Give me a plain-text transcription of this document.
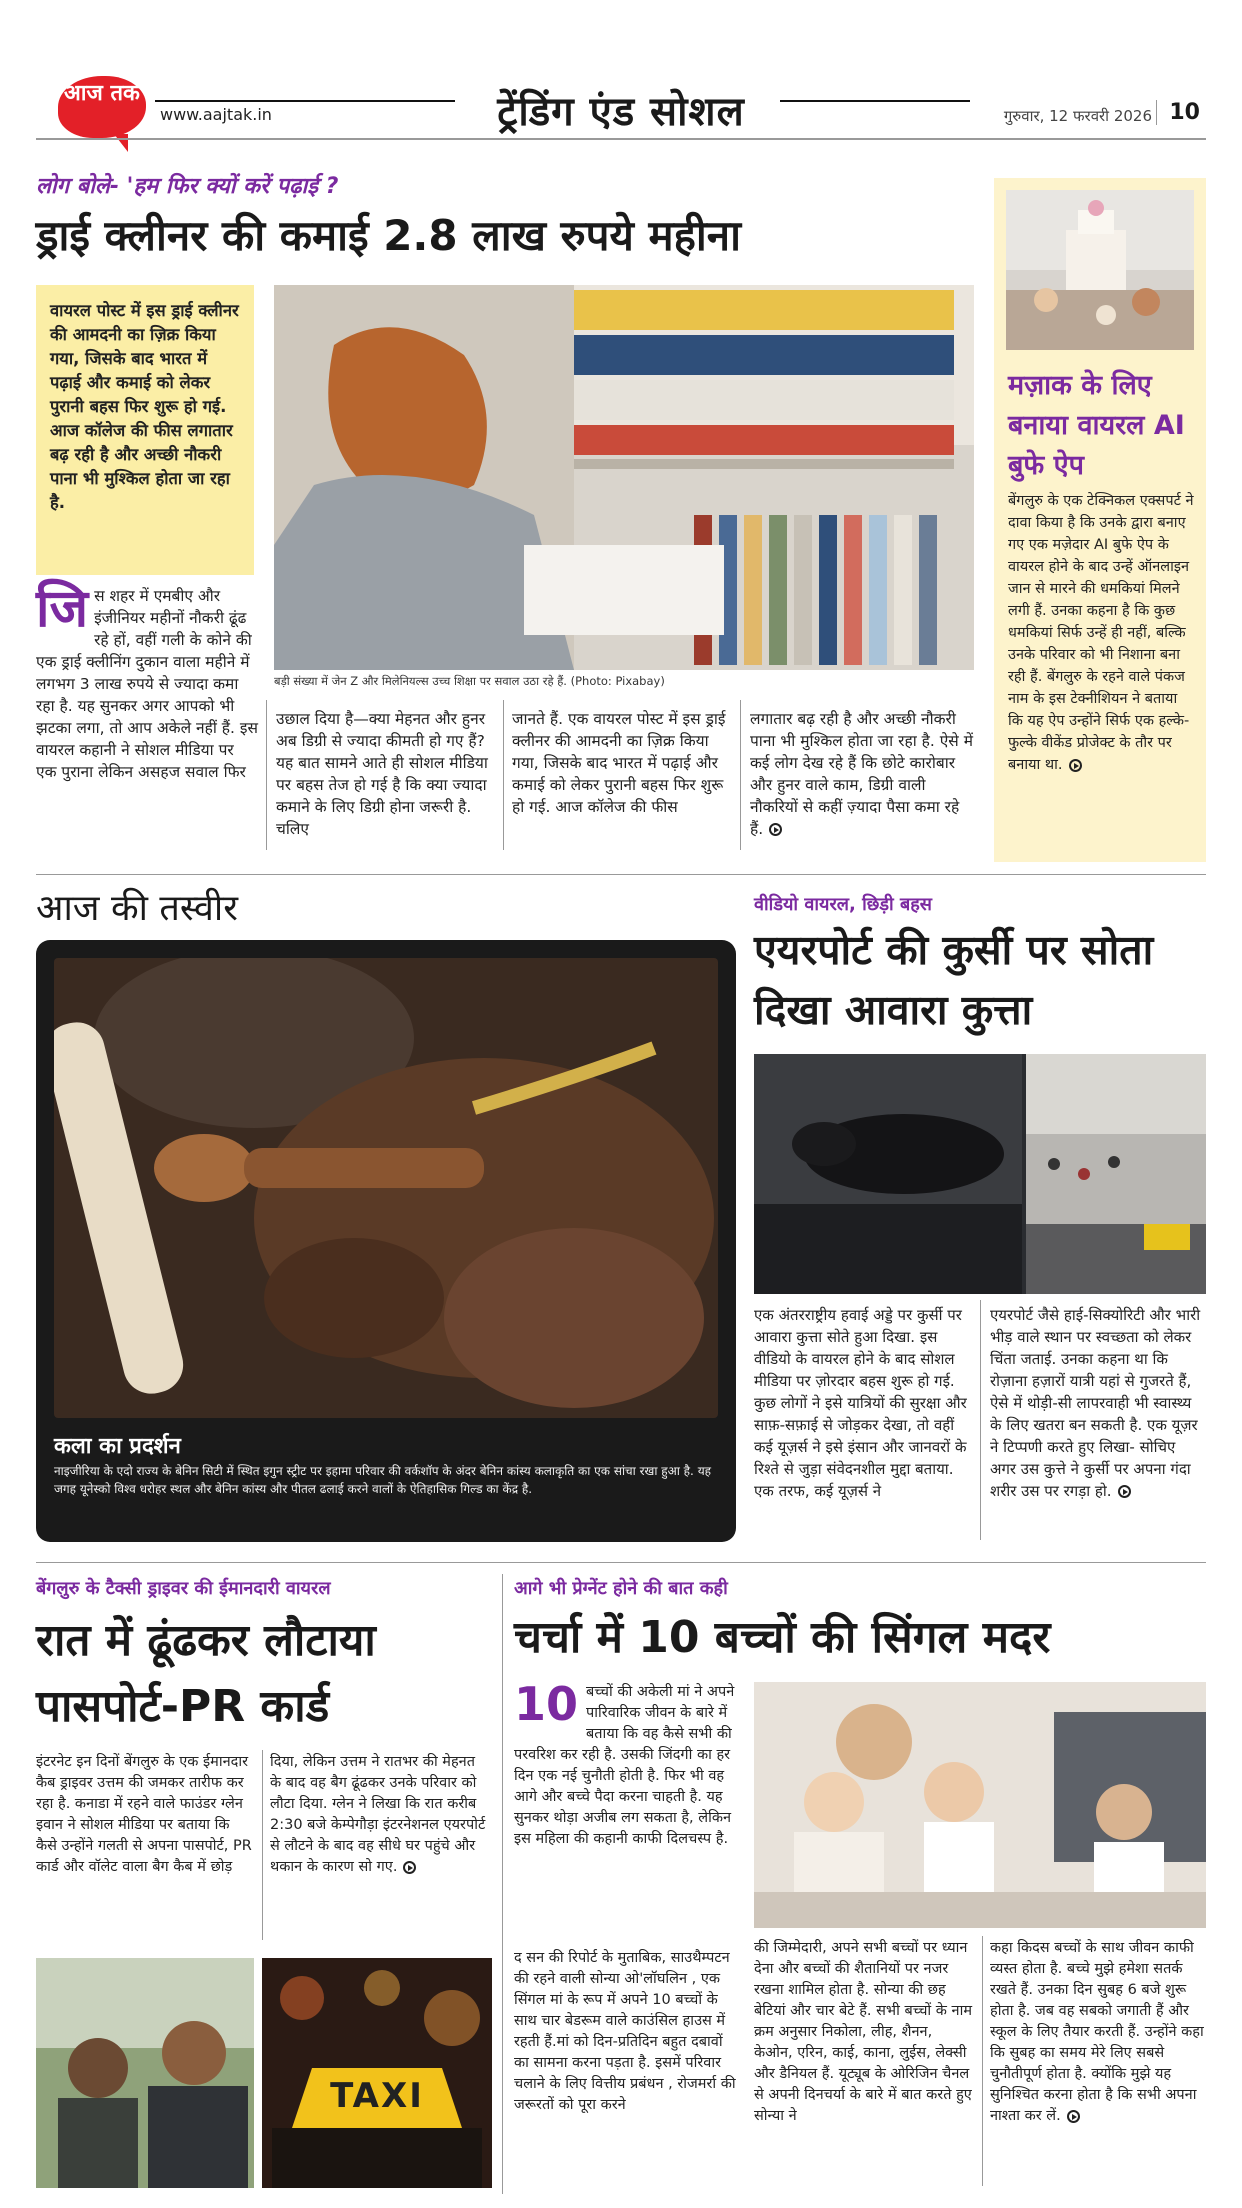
आज तक
www.aajtak.in	ट्रेंडिंग एंड सोशल	गुरुवार, 12 फरवरी 2026 10
लोग बोले- 'हम फिर क्यों करें पढ़ाई ?
ड्राई क्लीनर की कमाई 2.8 लाख रुपये महीना
वायरल पोस्ट में इस ड्राई क्लीनर की आमदनी का ज़िक्र किया गया, जिसके बाद भारत में पढ़ाई और कमाई को लेकर पुरानी बहस फिर शुरू हो गई. आज कॉलेज की फीस लगातार बढ़ रही है और अच्छी नौकरी पाना भी मुश्किल होता जा रहा है.
बड़ी संख्या में जेन Z और मिलेनियल्स उच्च शिक्षा पर सवाल उठा रहे हैं. (Photo: Pixabay)
जिस शहर में एमबीए और इंजीनियर महीनों नौकरी ढूंढ रहे हों, वहीं गली के कोने की एक ड्राई क्लीनिंग दुकान वाला महीने में लगभग 3 लाख रुपये से ज्यादा कमा रहा है. यह सुनकर अगर आपको भी झटका लगा, तो आप अकेले नहीं हैं. इस वायरल कहानी ने सोशल मीडिया पर एक पुराना लेकिन असहज सवाल फिर
उछाल दिया है—क्या मेहनत और हुनर अब डिग्री से ज्यादा कीमती हो गए हैं? यह बात सामने आते ही सोशल मीडिया पर बहस तेज हो गई है कि क्या ज्यादा कमाने के लिए डिग्री होना जरूरी है. चलिए
जानते हैं. एक वायरल पोस्ट में इस ड्राई क्लीनर की आमदनी का ज़िक्र किया गया, जिसके बाद भारत में पढ़ाई और कमाई को लेकर पुरानी बहस फिर शुरू हो गई. आज कॉलेज की फीस
लगातार बढ़ रही है और अच्छी नौकरी पाना भी मुश्किल होता जा रहा है. ऐसे में कई लोग देख रहे हैं कि छोटे कारोबार और हुनर वाले काम, डिग्री वाली नौकरियों से कहीं ज़्यादा पैसा कमा रहे हैं.
मज़ाक के लिए बनाया वायरल AI बुफे ऐप
बेंगलुरु के एक टेक्निकल एक्सपर्ट ने दावा किया है कि उनके द्वारा बनाए गए एक मज़ेदार AI बुफे ऐप के वायरल होने के बाद उन्हें ऑनलाइन जान से मारने की धमकियां मिलने लगी हैं. उनका कहना है कि कुछ धमकियां सिर्फ उन्हें ही नहीं, बल्कि उनके परिवार को भी निशाना बना रही हैं. बेंगलुरु के रहने वाले पंकज नाम के इस टेक्नीशियन ने बताया कि यह ऐप उन्होंने सिर्फ एक हल्के-फुल्के वीकेंड प्रोजेक्ट के तौर पर बनाया था.
आज की तस्वीर
कला का प्रदर्शन
नाइजीरिया के एदो राज्य के बेनिन सिटी में स्थित इगुन स्ट्रीट पर इहामा परिवार की वर्कशॉप के अंदर बेनिन कांस्य कलाकृति का एक सांचा रखा हुआ है. यह जगह यूनेस्को विश्व धरोहर स्थल और बेनिन कांस्य और पीतल ढलाई करने वालों के ऐतिहासिक गिल्ड का केंद्र है.
वीडियो वायरल, छिड़ी बहस
एयरपोर्ट की कुर्सी पर सोता दिखा आवारा कुत्ता
एक अंतरराष्ट्रीय हवाई अड्डे पर कुर्सी पर आवारा कुत्ता सोते हुआ दिखा. इस वीडियो के वायरल होने के बाद सोशल मीडिया पर ज़ोरदार बहस शुरू हो गई. कुछ लोगों ने इसे यात्रियों की सुरक्षा और साफ़-सफ़ाई से जोड़कर देखा, तो वहीं कई यूज़र्स ने इसे इंसान और जानवरों के रिश्ते से जुड़ा संवेदनशील मुद्दा बताया. एक तरफ, कई यूज़र्स ने
एयरपोर्ट जैसे हाई-सिक्योरिटी और भारी भीड़ वाले स्थान पर स्वच्छता को लेकर चिंता जताई. उनका कहना था कि रोज़ाना हज़ारों यात्री यहां से गुजरते हैं, ऐसे में थोड़ी-सी लापरवाही भी स्वास्थ्य के लिए खतरा बन सकती है. एक यूज़र ने टिप्पणी करते हुए लिखा- सोचिए अगर उस कुत्ते ने कुर्सी पर अपना गंदा शरीर उस पर रगड़ा हो.
बेंगलुरु के टैक्सी ड्राइवर की ईमानदारी वायरल
रात में ढूंढकर लौटाया पासपोर्ट-PR कार्ड
इंटरनेट इन दिनों बेंगलुरु के एक ईमानदार कैब ड्राइवर उत्तम की जमकर तारीफ कर रहा है. कनाडा में रहने वाले फाउंडर ग्लेन इवान ने सोशल मीडिया पर बताया कि कैसे उन्होंने गलती से अपना पासपोर्ट, PR कार्ड और वॉलेट वाला बैग कैब में छोड़
दिया, लेकिन उत्तम ने रातभर की मेहनत के बाद वह बैग ढूंढकर उनके परिवार को लौटा दिया. ग्लेन ने लिखा कि रात करीब 2:30 बजे केम्पेगौड़ा इंटरनेशनल एयरपोर्ट से लौटने के बाद वह सीधे घर पहुंचे और थकान के कारण सो गए.
TAXI
आगे भी प्रेग्नेंट होने की बात कही
चर्चा में 10 बच्चों की सिंगल मदर
10 बच्चों की अकेली मां ने अपने पारिवारिक जीवन के बारे में बताया कि वह कैसे सभी की परवरिश कर रही है. उसकी जिंदगी का हर दिन एक नई चुनौती होती है. फिर भी वह आगे और बच्चे पैदा करना चाहती है. यह सुनकर थोड़ा अजीब लग सकता है, लेकिन इस महिला की कहानी काफी दिलचस्प है.
द सन की रिपोर्ट के मुताबिक, साउथैम्पटन की रहने वाली सोन्या ओ'लॉघलिन , एक सिंगल मां के रूप में अपने 10 बच्चों के साथ चार बेडरूम वाले काउंसिल हाउस में रहती हैं.मां को दिन-प्रतिदिन बहुत दबावों का सामना करना पड़ता है. इसमें परिवार चलाने के लिए वित्तीय प्रबंधन , रोजमर्रा की जरूरतों को पूरा करने
की जिम्मेदारी, अपने सभी बच्चों पर ध्यान देना और बच्चों की शैतानियों पर नजर रखना शामिल होता है. सोन्या की छह बेटियां और चार बेटे हैं. सभी बच्चों के नाम क्रम अनुसार निकोला, लीह, शैनन, केओन, एरिन, काई, काना, लुईस, लेक्सी और डैनियल हैं. यूट्यूब के ओरिजिन चैनल से अपनी दिनचर्या के बारे में बात करते हुए सोन्या ने
कहा किदस बच्चों के साथ जीवन काफी व्यस्त होता है. बच्चे मुझे हमेशा सतर्क रखते हैं. उनका दिन सुबह 6 बजे शुरू होता है. जब वह सबको जगाती हैं और स्कूल के लिए तैयार करती हैं. उन्होंने कहा कि सुबह का समय मेरे लिए सबसे चुनौतीपूर्ण होता है. क्योंकि मुझे यह सुनिश्चित करना होता है कि सभी अपना नाश्ता कर लें.
